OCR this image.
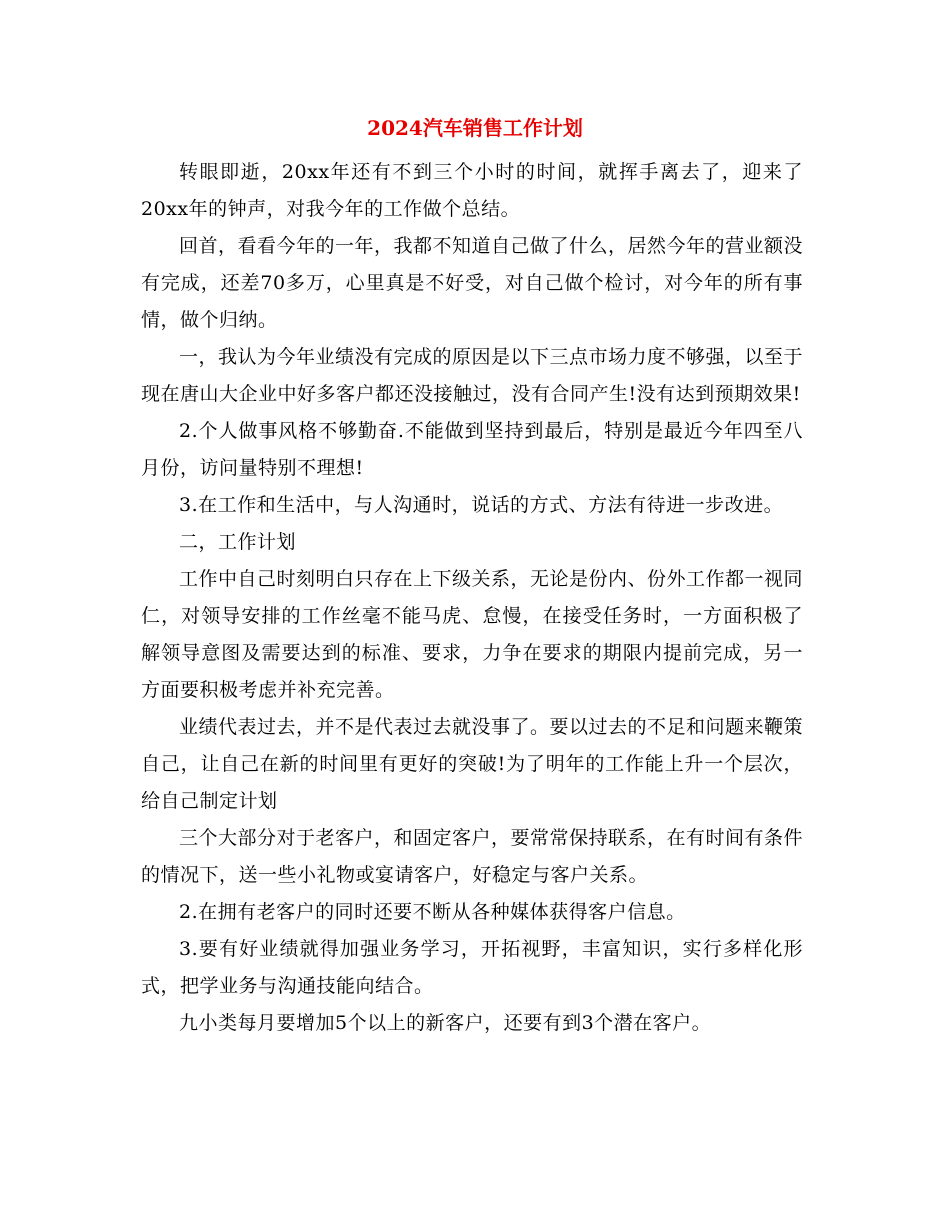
2024汽车销售工作计划

转眼即逝，20xx年还有不到三个小时的时间，就挥手离去了，迎来了20xx年的钟声，对我今年的工作做个总结。

回首，看看今年的一年，我都不知道自己做了什么，居然今年的营业额没有完成，还差70多万，心里真是不好受，对自己做个检讨，对今年的所有事情，做个归纳。

一，我认为今年业绩没有完成的原因是以下三点市场力度不够强，以至于现在唐山大企业中好多客户都还没接触过，没有合同产生!没有达到预期效果!

2.个人做事风格不够勤奋.不能做到坚持到最后，特别是最近今年四至八月份，访问量特别不理想!

3.在工作和生活中，与人沟通时，说话的方式、方法有待进一步改进。

二，工作计划

工作中自己时刻明白只存在上下级关系，无论是份内、份外工作都一视同仁，对领导安排的工作丝毫不能马虎、怠慢，在接受任务时，一方面积极了解领导意图及需要达到的标准、要求，力争在要求的期限内提前完成，另一方面要积极考虑并补充完善。

业绩代表过去，并不是代表过去就没事了。要以过去的不足和问题来鞭策自己，让自己在新的时间里有更好的突破!为了明年的工作能上升一个层次，给自己制定计划

三个大部分对于老客户，和固定客户，要常常保持联系，在有时间有条件的情况下，送一些小礼物或宴请客户，好稳定与客户关系。

2.在拥有老客户的同时还要不断从各种媒体获得客户信息。

3.要有好业绩就得加强业务学习，开拓视野，丰富知识，实行多样化形式，把学业务与沟通技能向结合。

九小类每月要增加5个以上的新客户，还要有到3个潜在客户。
